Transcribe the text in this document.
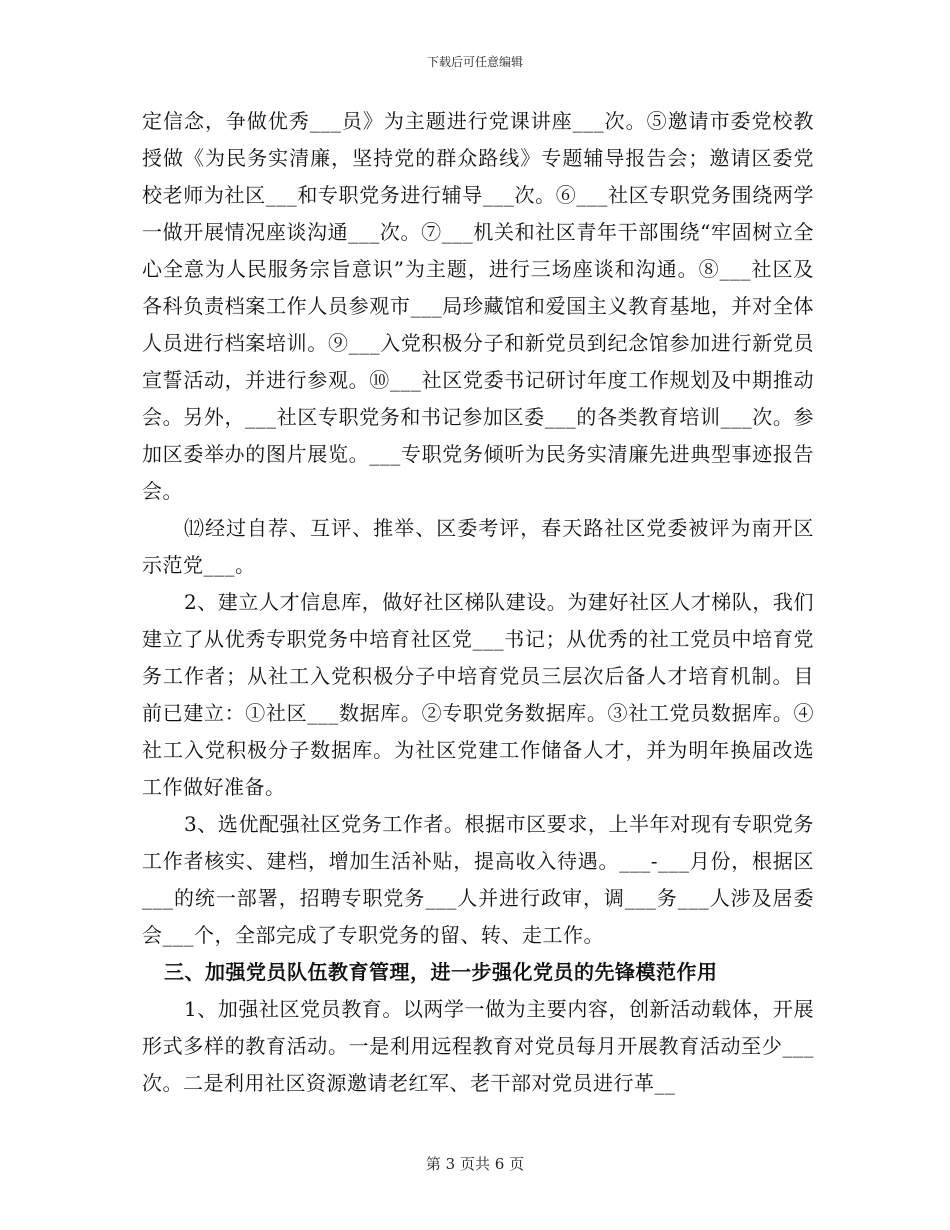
下载后可任意编辑

定信念，争做优秀___员》为主题进行党课讲座___次。⑤邀请市委党校教授做《为民务实清廉，坚持党的群众路线》专题辅导报告会；邀请区委党校老师为社区___和专职党务进行辅导___次。⑥___社区专职党务围绕两学一做开展情况座谈沟通___次。⑦___机关和社区青年干部围绕“牢固树立全心全意为人民服务宗旨意识”为主题，进行三场座谈和沟通。⑧___社区及各科负责档案工作人员参观市___局珍藏馆和爱国主义教育基地，并对全体人员进行档案培训。⑨___入党积极分子和新党员到纪念馆参加进行新党员宣誓活动，并进行参观。⑩___社区党委书记研讨年度工作规划及中期推动会。另外，___社区专职党务和书记参加区委___的各类教育培训___次。参加区委举办的图片展览。___专职党务倾听为民务实清廉先进典型事迹报告会。

⑿经过自荐、互评、推举、区委考评，春天路社区党委被评为南开区示范党___。

2、建立人才信息库，做好社区梯队建设。为建好社区人才梯队，我们建立了从优秀专职党务中培育社区党___书记；从优秀的社工党员中培育党务工作者；从社工入党积极分子中培育党员三层次后备人才培育机制。目前已建立：①社区___数据库。②专职党务数据库。③社工党员数据库。④社工入党积极分子数据库。为社区党建工作储备人才，并为明年换届改选工作做好准备。

3、选优配强社区党务工作者。根据市区要求，上半年对现有专职党务工作者核实、建档，增加生活补贴，提高收入待遇。___-___月份，根据区___的统一部署，招聘专职党务___人并进行政审，调___务___人涉及居委会___个，全部完成了专职党务的留、转、走工作。

三、加强党员队伍教育管理，进一步强化党员的先锋模范作用

1、加强社区党员教育。以两学一做为主要内容，创新活动载体，开展形式多样的教育活动。一是利用远程教育对党员每月开展教育活动至少___次。二是利用社区资源邀请老红军、老干部对党员进行革__

第 3 页共 6 页
